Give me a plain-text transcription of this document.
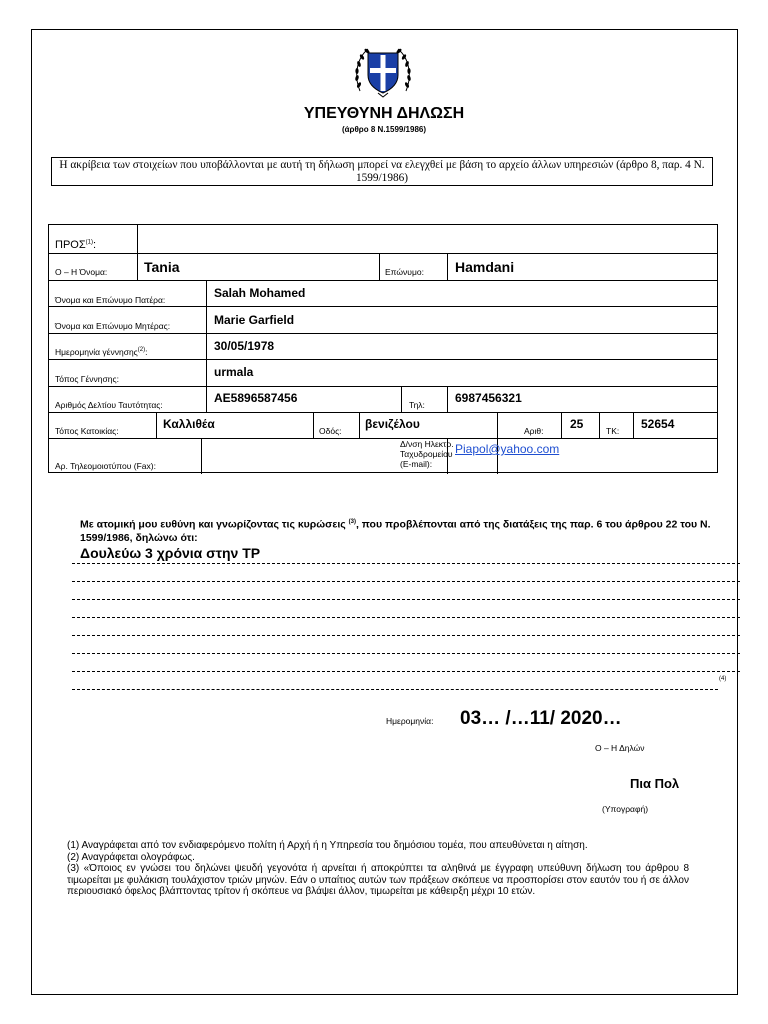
ΥΠΕΥΘΥΝΗ ΔΗΛΩΣΗ
(άρθρο 8 Ν.1599/1986)
Η ακρίβεια των στοιχείων που υποβάλλονται με αυτή τη δήλωση μπορεί να ελεγχθεί με βάση το αρχείο άλλων υπηρεσιών (άρθρο 8, παρ. 4 Ν. 1599/1986)
ΠΡΟΣ$^{(1)}$:
Ο – Η Όνομα:	Tania	Επώνυμο: Hamdani
Όνομα και Επώνυμο Πατέρα:	Salah Mohamed
Όνομα και Επώνυμο Μητέρας:	Marie Garfield
Ημερομηνία γέννησης$^{(2)}$:	30/05/1978
Τόπος Γέννησης:	urmala
Αριθμός Δελτίου Ταυτότητας:	AE5896587456	Τηλ:	6987456321
Τόπος Κατοικίας:	Καλλιθέα	Οδός: βενιζέλου	Αριθ: 25	ΤΚ: 52654
Αρ. Τηλεομοιοτύπου (Fax):
Δ/νση Ηλεκτρ.
Ταχυδρομείου
(E-mail):
Piapol@yahoo.com
Με ατομική μου ευθύνη και γνωρίζοντας τις κυρώσεις $^{(3)}$, που προβλέπονται από της διατάξεις της παρ. 6 του άρθρου 22 του Ν. 1599/1986, δηλώνω ότι:
Δουλεύω 3 χρόνια στην ΤΡ
(4)
Ημερομηνία: 03… /…11/ 2020…
Ο – Η Δηλών
Πια Πολ
(Υπογραφή)

(1) Αναγράφεται από τον ενδιαφερόμενο πολίτη ή Αρχή ή η Υπηρεσία του δημόσιου τομέα, που απευθύνεται η αίτηση.

(2) Αναγράφεται ολογράφως.

(3) «Όποιος εν γνώσει του δηλώνει ψευδή γεγονότα ή αρνείται ή αποκρύπτει τα αληθινά με έγγραφη υπεύθυνη δήλωση του άρθρου 8 τιμωρείται με φυλάκιση τουλάχιστον τριών μηνών. Εάν ο υπαίτιος αυτών των πράξεων σκόπευε να προσπορίσει στον εαυτόν του ή σε άλλον περιουσιακό όφελος βλάπτοντας τρίτον ή σκόπευε να βλάψει άλλον, τιμωρείται με κάθειρξη μέχρι 10 ετών.
